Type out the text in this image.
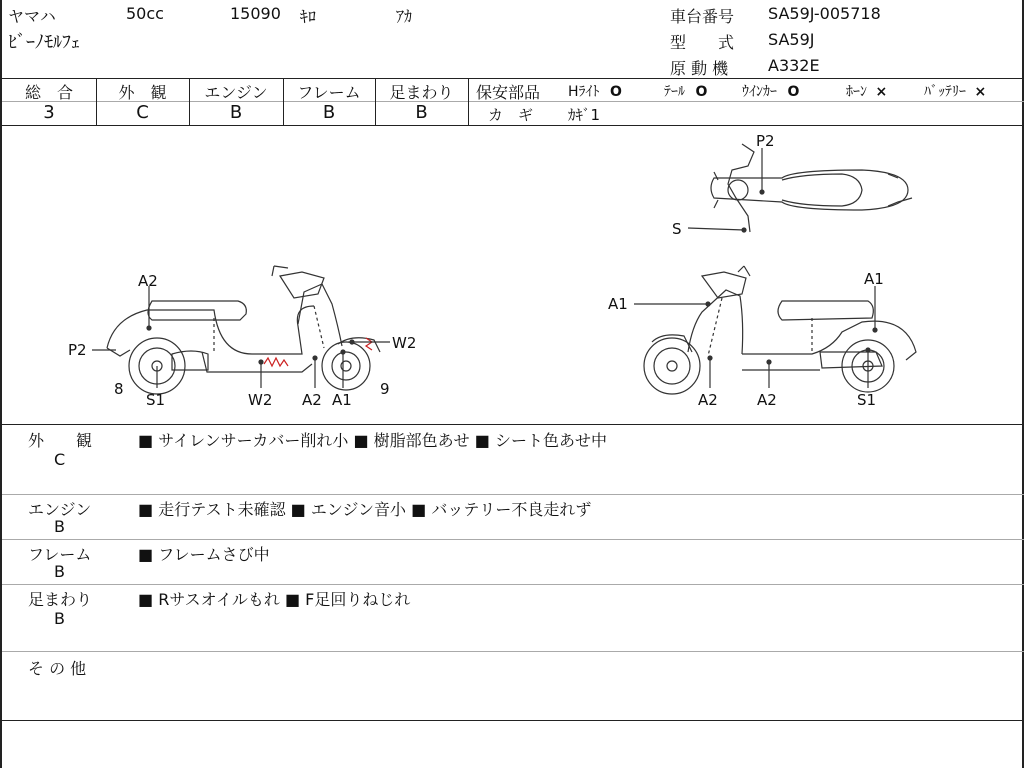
ヤマハ	50cc	15090 ｷﾛ	ｱｶ
ﾋﾞｰﾉﾓﾙﾌｪ
車台番号 SA59J-005718
型　　式 SA59J
原 動 機 A332E
総　合	外　観	エンジン	フレーム	足まわり
3	C	B	B	B
保安部品 Hﾗｲﾄ O	ﾃｰﾙ O ｳｲﾝｶｰ O	ﾎｰﾝ ×	ﾊﾞｯﾃﾘｰ ×
カ　ギ ｶｷﾞ1
A2
P2	W2
8
S1	W2 A2 A1
9
P2
S
A1
A1
A2	A2	S1
外　　観
C
■ サイレンサーカバー削れ小 ■ 樹脂部色あせ ■ シート色あせ中
エンジン
B
■ 走行テスト未確認 ■ エンジン音小 ■ バッテリー不良走れず
フレーム
B
■ フレームさび中
足まわり
B
■ Rサスオイルもれ ■ F足回りねじれ
そ の 他
